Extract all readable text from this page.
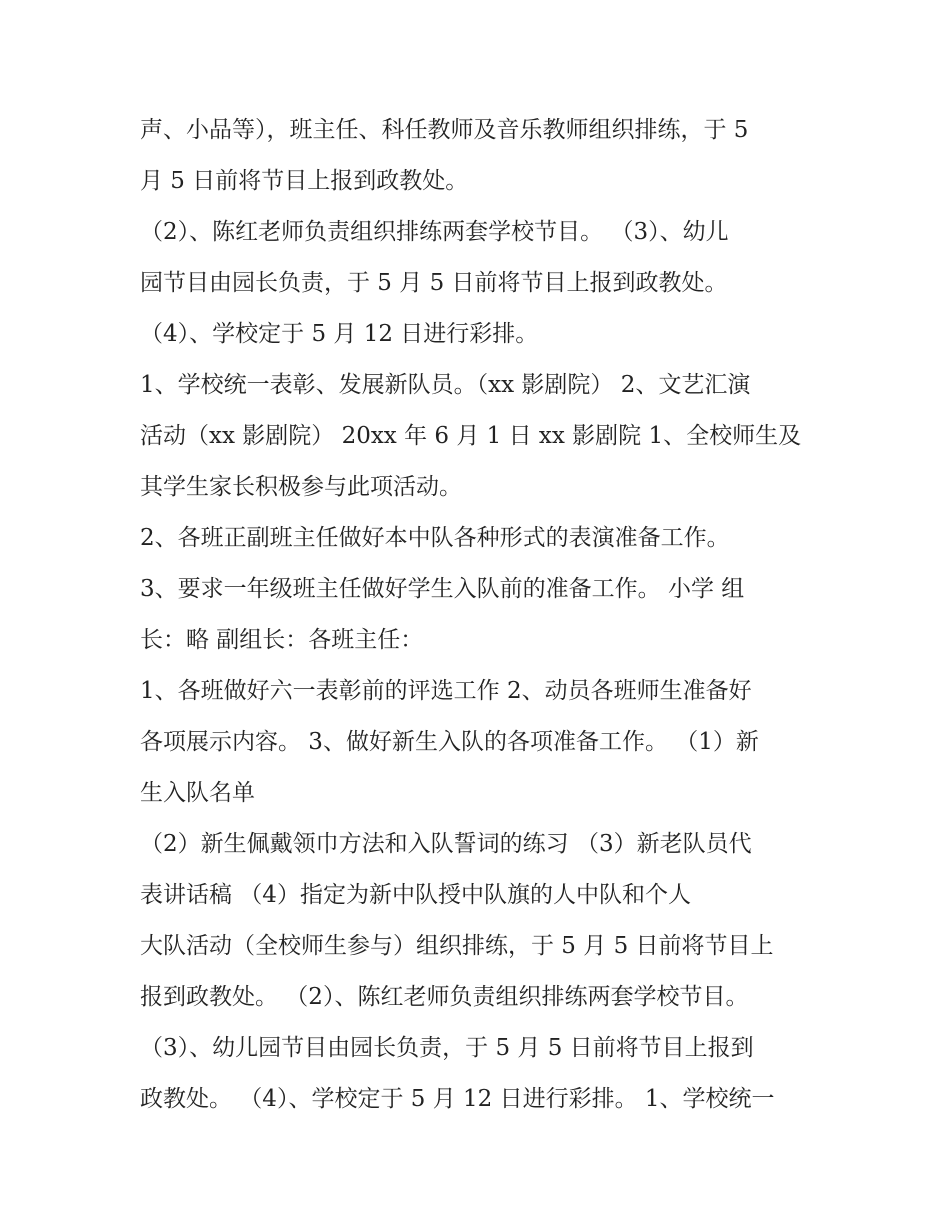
声、小品等），班主任、科任教师及音乐教师组织排练，于 5
月 5 日前将节目上报到政教处。
（2）、陈红老师负责组织排练两套学校节目。 （3）、幼儿
园节目由园长负责，于 5 月 5 日前将节目上报到政教处。
（4）、学校定于 5 月 12 日进行彩排。
1、学校统一表彰、发展新队员。（xx 影剧院） 2、文艺汇演
活动（xx 影剧院） 20xx 年 6 月 1 日 xx 影剧院 1、全校师生及
其学生家长积极参与此项活动。
2、各班正副班主任做好本中队各种形式的表演准备工作。
3、要求一年级班主任做好学生入队前的准备工作。 小学 组
长：略 副组长：各班主任：
1、各班做好六一表彰前的评选工作 2、动员各班师生准备好
各项展示内容。 3、做好新生入队的各项准备工作。 （1）新
生入队名单
（2）新生佩戴领巾方法和入队誓词的练习 （3）新老队员代
表讲话稿 （4）指定为新中队授中队旗的人中队和个人
大队活动（全校师生参与）组织排练，于 5 月 5 日前将节目上
报到政教处。 （2）、陈红老师负责组织排练两套学校节目。
（3）、幼儿园节目由园长负责，于 5 月 5 日前将节目上报到
政教处。 （4）、学校定于 5 月 12 日进行彩排。 1、学校统一
